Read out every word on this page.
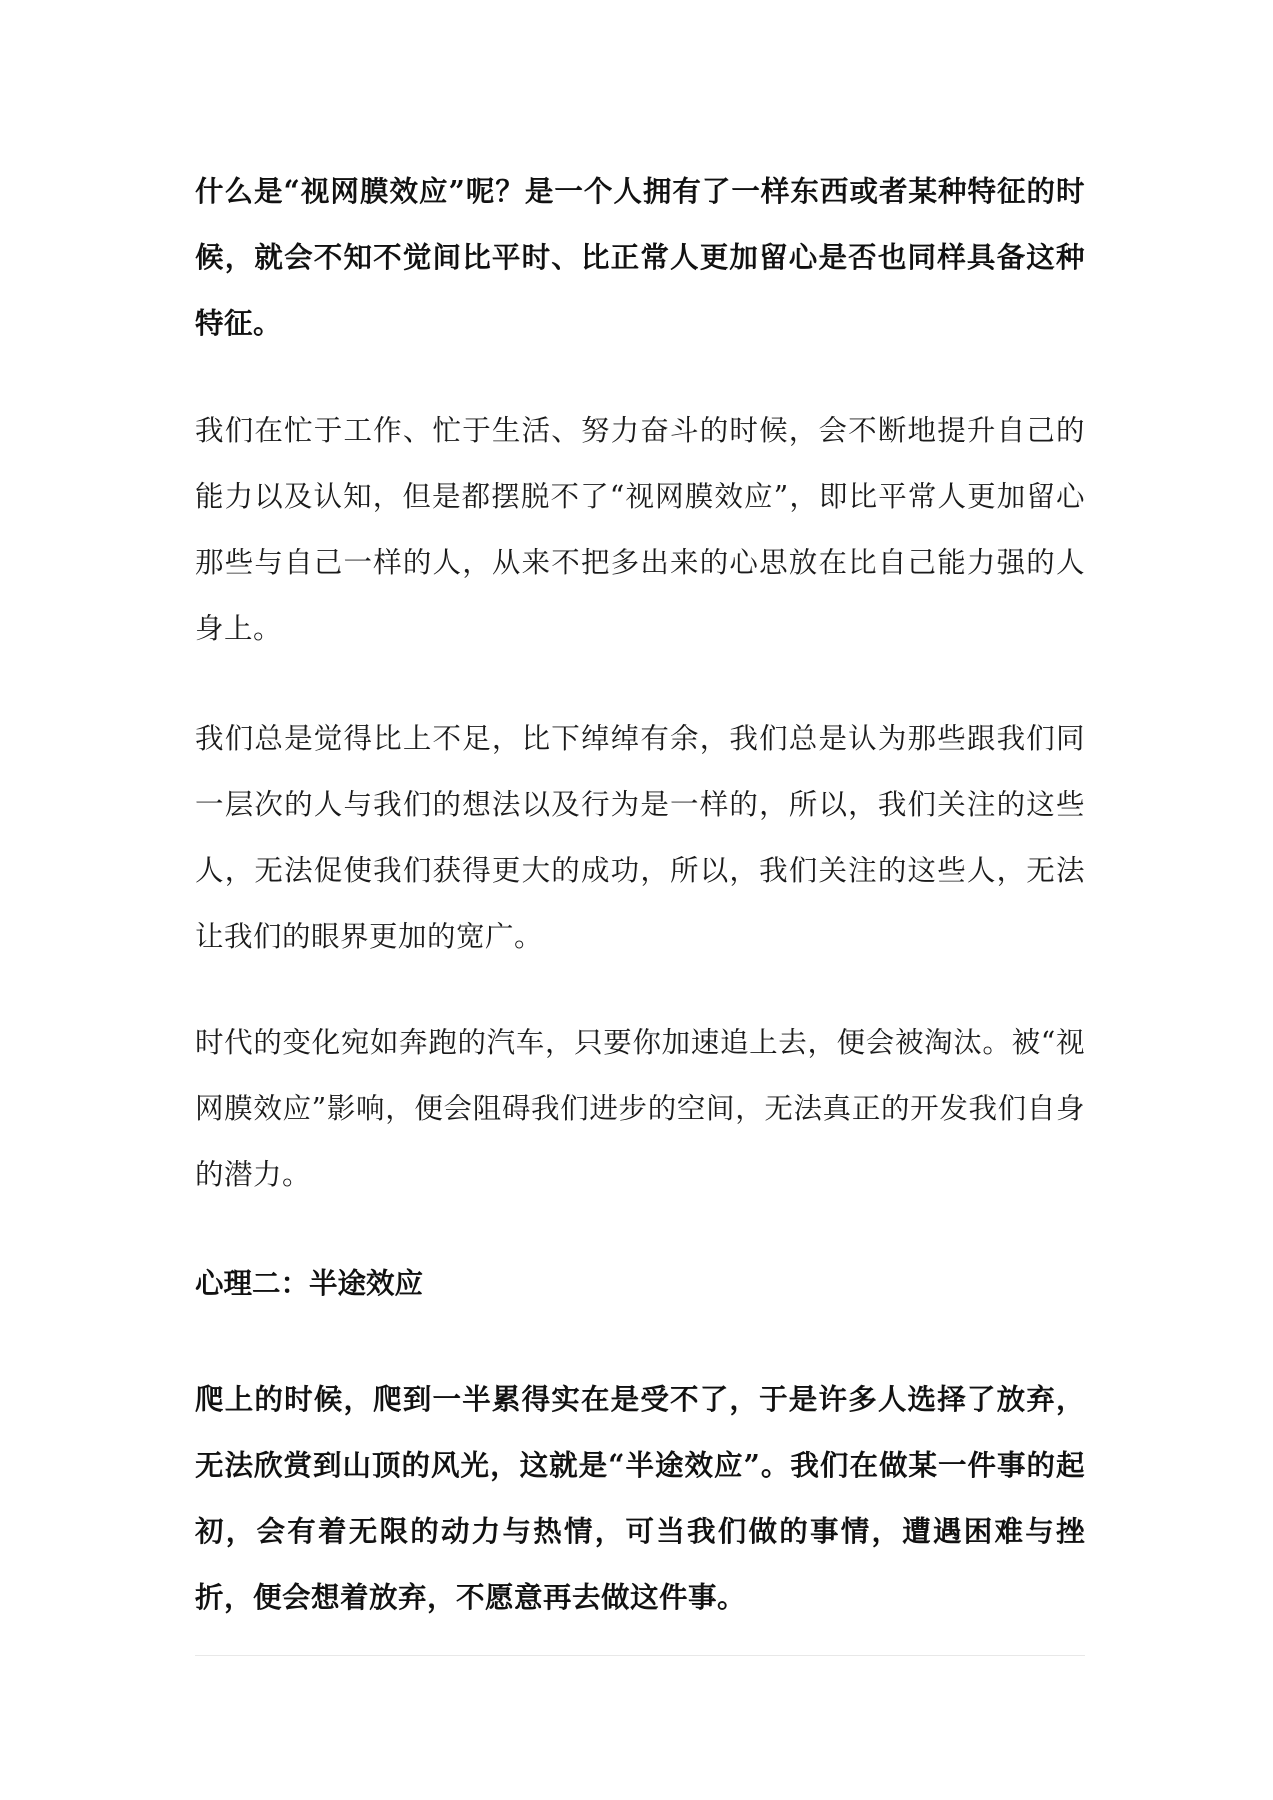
什么是“视网膜效应”呢？是一个人拥有了一样东西或者某种特征的时候，就会不知不觉间比平时、比正常人更加留心是否也同样具备这种特征。

我们在忙于工作、忙于生活、努力奋斗的时候，会不断地提升自己的能力以及认知，但是都摆脱不了“视网膜效应”，即比平常人更加留心那些与自己一样的人，从来不把多出来的心思放在比自己能力强的人身上。

我们总是觉得比上不足，比下绰绰有余，我们总是认为那些跟我们同一层次的人与我们的想法以及行为是一样的，所以，我们关注的这些人，无法促使我们获得更大的成功，所以，我们关注的这些人，无法让我们的眼界更加的宽广。

时代的变化宛如奔跑的汽车，只要你加速追上去，便会被淘汰。被“视网膜效应”影响，便会阻碍我们进步的空间，无法真正的开发我们自身的潜力。

心理二：半途效应

爬上的时候，爬到一半累得实在是受不了，于是许多人选择了放弃，无法欣赏到山顶的风光，这就是“半途效应”。我们在做某一件事的起初，会有着无限的动力与热情，可当我们做的事情，遭遇困难与挫折，便会想着放弃，不愿意再去做这件事。
